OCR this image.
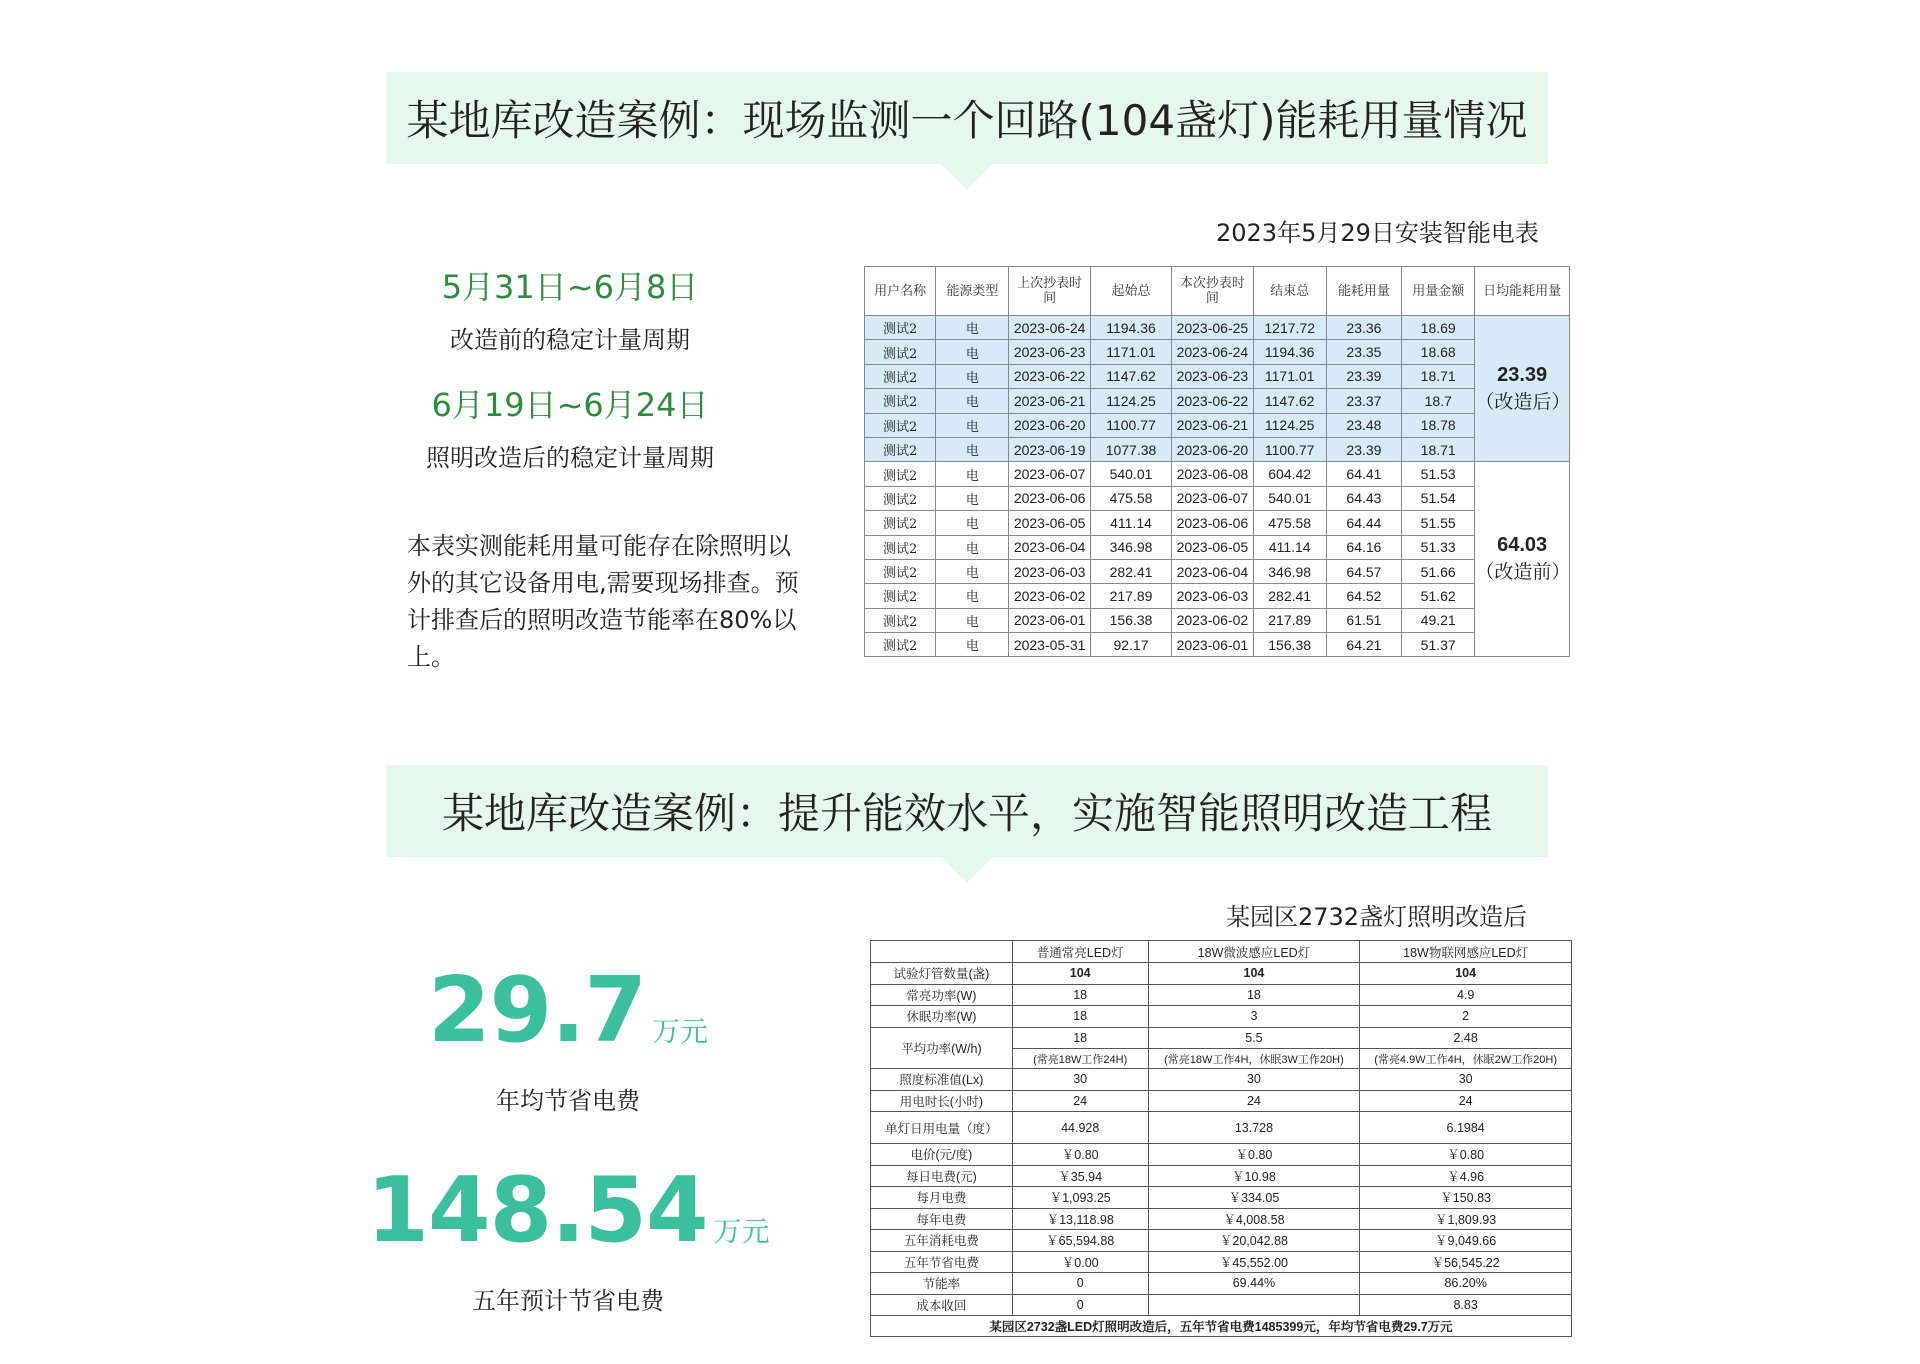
某地库改造案例：现场监测一个回路(104盏灯)能耗用量情况
2023年5月29日安装智能电表
5月31日~6月8日
改造前的稳定计量周期
6月19日~6月24日
照明改造后的稳定计量周期
本表实测能耗用量可能存在除照明以外的其它设备用电,需要现场排查。预计排查后的照明改造节能率在80%以上。
用户名称	能源类型	上次抄表时间	起始总	本次抄表时间	结束总	能耗用量	用量金额	日均能耗用量
测试2	电	2023-06-24	1194.36	2023-06-25	1217.72	23.36	18.69	23.39
（改造后）

测试2	电	2023-06-23	1171.01	2023-06-24	1194.36	23.35	18.68	
测试2	电	2023-06-22	1147.62	2023-06-23	1171.01	23.39	18.71	
测试2	电	2023-06-21	1124.25	2023-06-22	1147.62	23.37	18.7	
测试2	电	2023-06-20	1100.77	2023-06-21	1124.25	23.48	18.78	
测试2	电	2023-06-19	1077.38	2023-06-20	1100.77	23.39	18.71	
测试2	电	2023-06-07	540.01	2023-06-08	604.42	64.41	51.53	64.03
（改造前）

测试2	电	2023-06-06	475.58	2023-06-07	540.01	64.43	51.54	
测试2	电	2023-06-05	411.14	2023-06-06	475.58	64.44	51.55	
测试2	电	2023-06-04	346.98	2023-06-05	411.14	64.16	51.33	
测试2	电	2023-06-03	282.41	2023-06-04	346.98	64.57	51.66	
测试2	电	2023-06-02	217.89	2023-06-03	282.41	64.52	51.62	
测试2	电	2023-06-01	156.38	2023-06-02	217.89	61.51	49.21	
测试2	电	2023-05-31	92.17	2023-06-01	156.38	64.21	51.37	
某地库改造案例：提升能效水平，实施智能照明改造工程
某园区2732盏灯照明改造后
29.7 万元
年均节省电费
148.54 万元
五年预计节省电费
	普通常亮LED灯	18W微波感应LED灯	18W物联网感应LED灯
试验灯管数量(盏)	104	104	104
常亮功率(W)	18	18	4.9
休眠功率(W)	18	3	2
平均功率(W/h)	18	5.5	2.48
	(常亮18W工作24H)	(常亮18W工作4H，休眠3W工作20H)	(常亮4.9W工作4H，休眠2W工作20H)
照度标准值(Lx)	30	30	30
用电时长(小时)	24	24	24
单灯日用电量（度）	44.928	13.728	6.1984
电价(元/度)	￥0.80	￥0.80	￥0.80
每日电费(元)	￥35.94	￥10.98	￥4.96
每月电费	￥1,093.25	￥334.05	￥150.83
每年电费	￥13,118.98	￥4,008.58	￥1,809.93
五年消耗电费	￥65,594.88	￥20,042.88	￥9,049.66
五年节省电费	￥0.00	￥45,552.00	￥56,545.22
节能率	0	69.44%	86.20%
成本收回	0		8.83
某园区2732盏LED灯照明改造后，五年节省电费1485399元，年均节省电费29.7万元			
